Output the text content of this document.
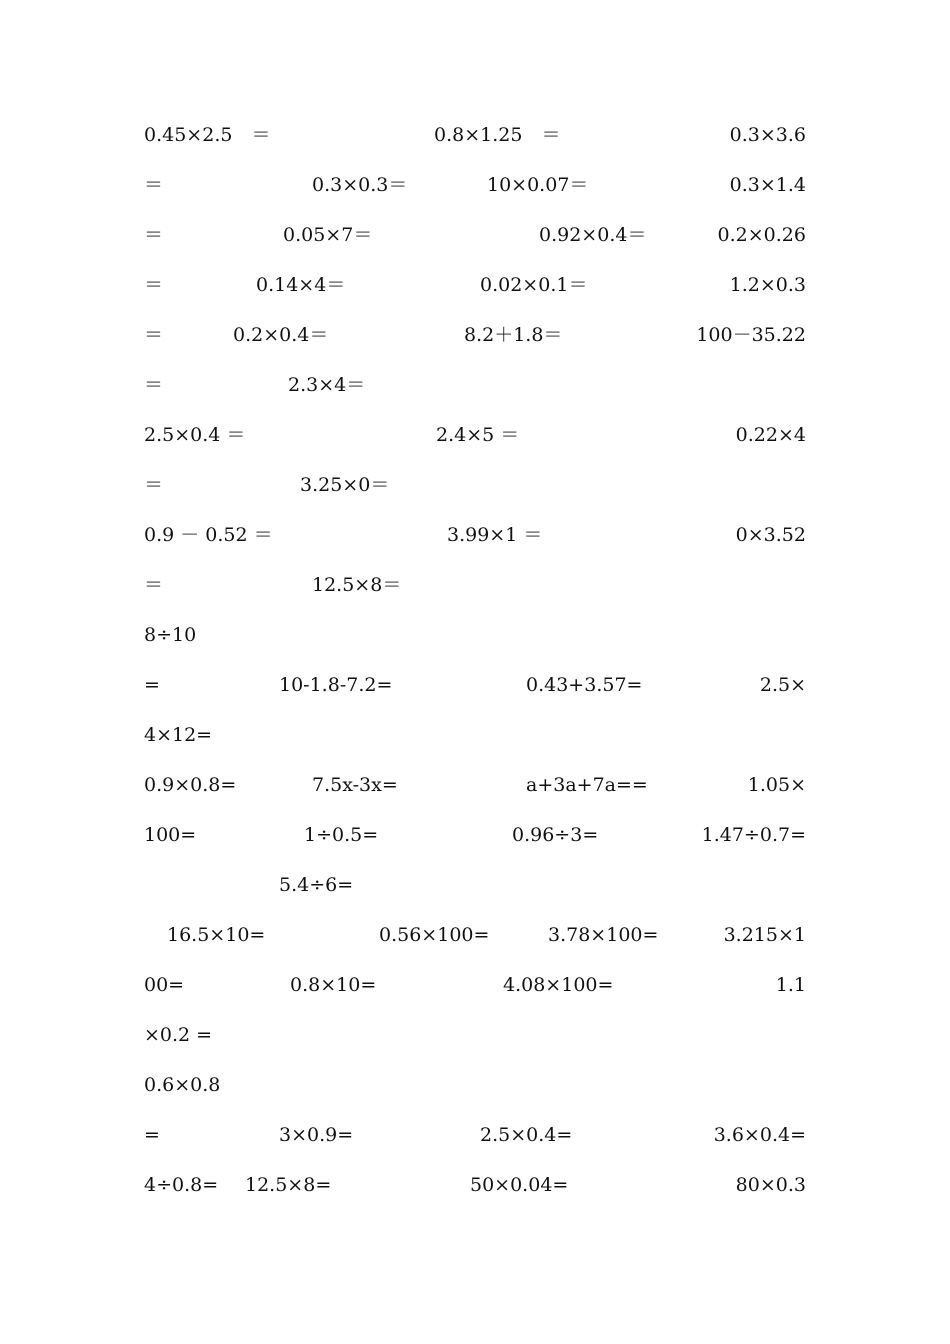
0.45×2.5　＝	0.8×1.25　＝	0.3×3.6
＝	0.3×0.3＝	10×0.07＝	0.3×1.4
＝	0.05×7＝	0.92×0.4＝	0.2×0.26
＝	0.14×4＝	0.02×0.1＝	1.2×0.3
＝	0.2×0.4＝	8.2＋1.8＝	100－35.22
＝	2.3×4＝
2.5×0.4 ＝	2.4×5 ＝	0.22×4
＝	3.25×0＝
0.9 － 0.52 ＝	3.99×1 ＝	0×3.52
＝	12.5×8＝
8÷10
=	10-1.8-7.2=	0.43+3.57=	2.5×
4×12=
0.9×0.8=	7.5x-3x=	a+3a+7a==	1.05×
100=	1÷0.5=	0.96÷3=	1.47÷0.7=
5.4÷6=
16.5×10=	0.56×100=	3.78×100=	3.215×1
00=	0.8×10=	4.08×100=	1.1
×0.2 =
0.6×0.8
=	3×0.9=	2.5×0.4=	3.6×0.4=
4÷0.8= 12.5×8=	50×0.04=	80×0.3
